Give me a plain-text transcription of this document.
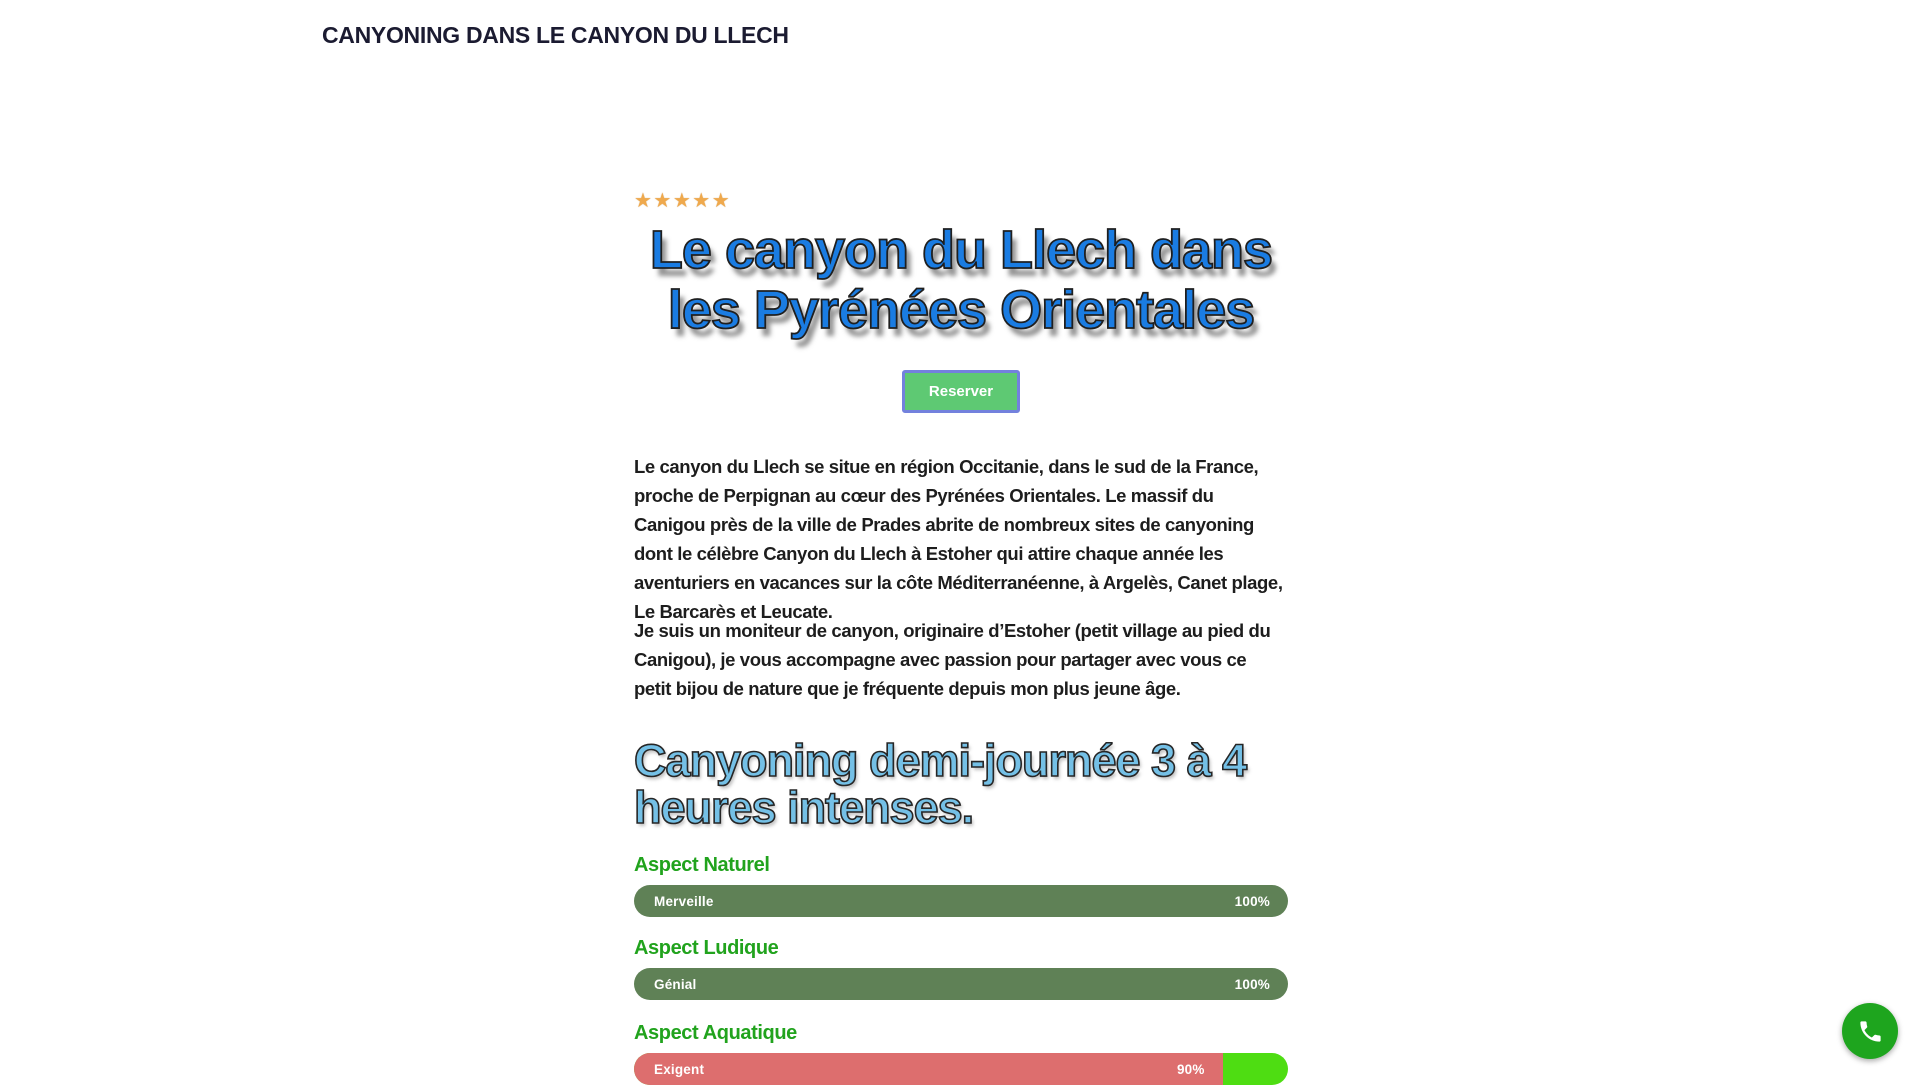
CANYONING DANS LE CANYON DU LLECH
★★★★★
Le canyon du Llech dans
les Pyrénées Orientales
Reserver

Le canyon du Llech se situe en région Occitanie, dans le sud de la France, proche de Perpignan au cœur des Pyrénées Orientales. Le massif du Canigou près de la ville de Prades abrite de nombreux sites de canyoning dont le célèbre Canyon du Llech à Estoher qui attire chaque année les aventuriers en vacances sur la côte Méditerranéenne, à Argelès, Canet plage, Le Barcarès et Leucate.

Je suis un moniteur de canyon, originaire d’Estoher (petit village au pied du Canigou), je vous accompagne avec passion pour partager avec vous ce petit bijou de nature que je fréquente depuis mon plus jeune âge.

Canyoning demi-journée 3 à 4
heures intenses.
Aspect Naturel
Merveille	100%
Aspect Ludique
Génial	100%
Aspect Aquatique
Exigent	90%
